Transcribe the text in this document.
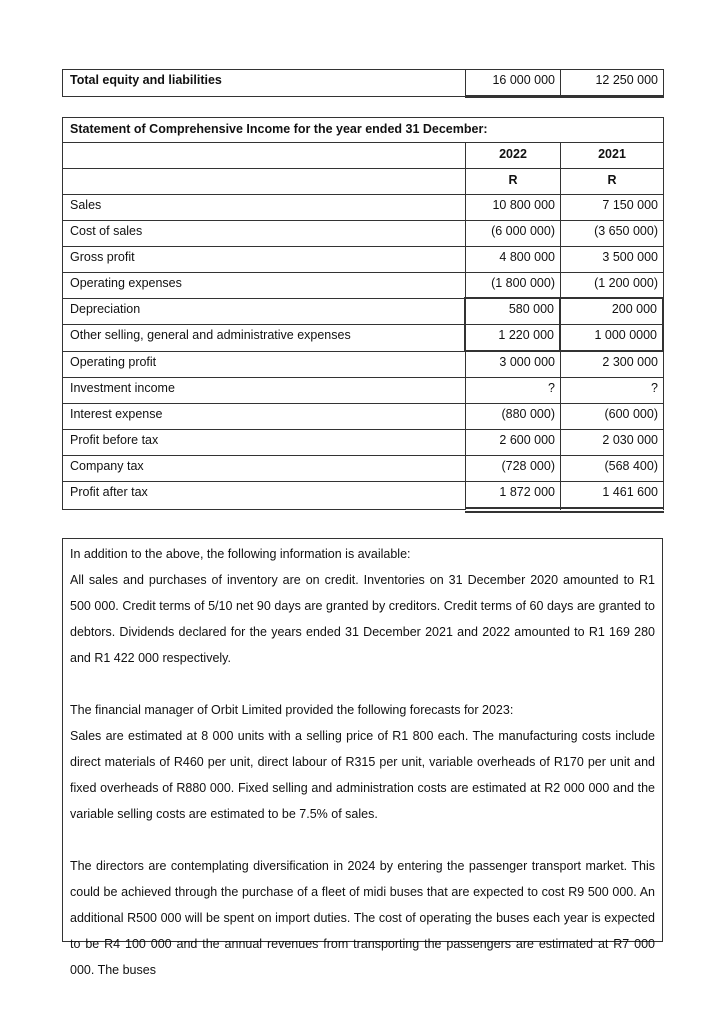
Total equity and liabilities	16 000 000	12 250 000
Statement of Comprehensive Income for the year ended 31 December:
2022	2021
R	R
Sales	10 800 000	7 150 000
Cost of sales	(6 000 000)	(3 650 000)
Gross profit	4 800 000	3 500 000
Operating expenses	(1 800 000)	(1 200 000)
Depreciation	580 000	200 000
Other selling, general and administrative expenses	1 220 000	1 000 0000
Operating profit	3 000 000	2 300 000
Investment income	?	?
Interest expense	(880 000)	(600 000)
Profit before tax	2 600 000	2 030 000
Company tax	(728 000)	(568 400)
Profit after tax	1 872 000	1 461 600

In addition to the above, the following information is available:

All sales and purchases of inventory are on credit. Inventories on 31 December 2020 amounted to R1 500 000. Credit terms of 5/10 net 90 days are granted by creditors. Credit terms of 60 days are granted to debtors. Dividends declared for the years ended 31 December 2021 and 2022 amounted to R1 169 280 and R1 422 000 respectively.

The financial manager of Orbit Limited provided the following forecasts for 2023:

Sales are estimated at 8 000 units with a selling price of R1 800 each. The manufacturing costs include direct materials of R460 per unit, direct labour of R315 per unit, variable overheads of R170 per unit and fixed overheads of R880 000. Fixed selling and administration costs are estimated at R2 000 000 and the variable selling costs are estimated to be 7.5% of sales.

The directors are contemplating diversification in 2024 by entering the passenger transport market. This could be achieved through the purchase of a fleet of midi buses that are expected to cost R9 500 000. An additional R500 000 will be spent on import duties. The cost of operating the buses each year is expected to be R4 100 000 and the annual revenues from transporting the passengers are estimated at R7 000 000. The buses
